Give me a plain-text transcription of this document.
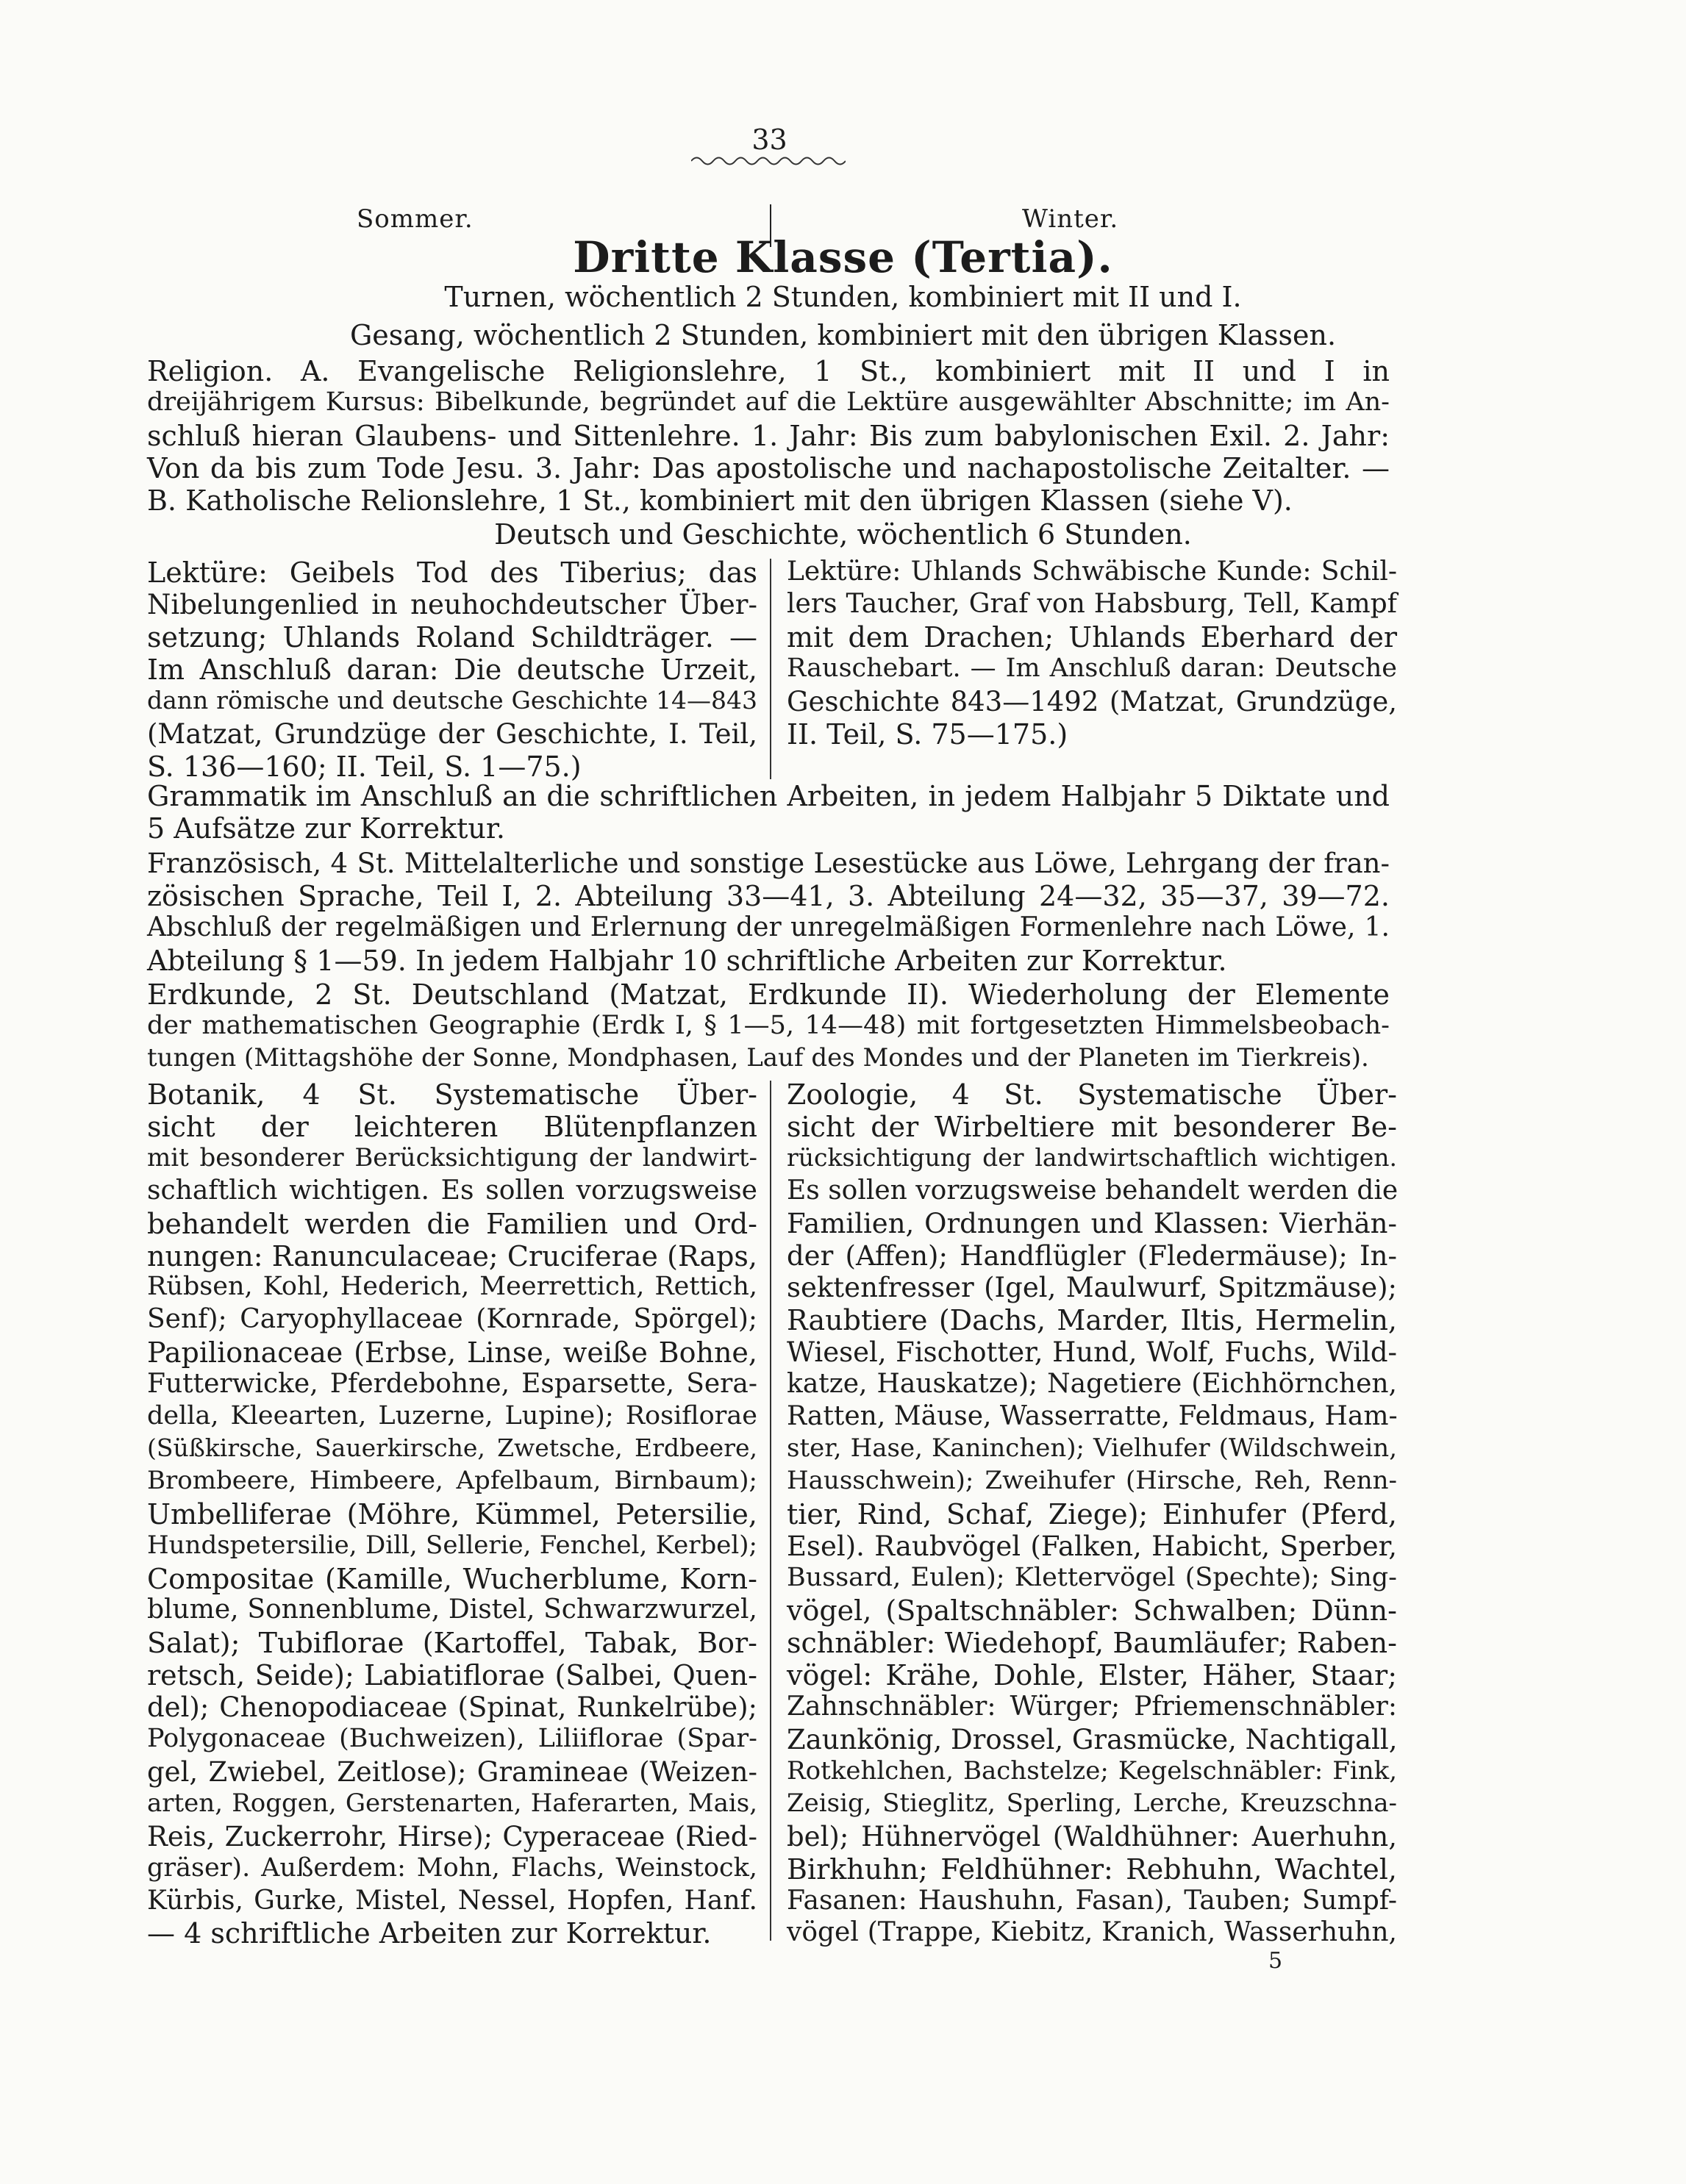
33
Sommer.	Winter.
Dritte Klasse (Tertia).
Turnen, wöchentlich 2 Stunden, kombiniert mit II und I.
Gesang, wöchentlich 2 Stunden, kombiniert mit den übrigen Klassen.
Religion. A. Evangelische Religionslehre, 1 St., kombiniert mit II und I in
dreijährigem Kursus: Bibelkunde, begründet auf die Lektüre ausgewählter Abschnitte; im An-
schluß hieran Glaubens- und Sittenlehre. 1. Jahr: Bis zum babylonischen Exil. 2. Jahr:
Von da bis zum Tode Jesu. 3. Jahr: Das apostolische und nachapostolische Zeitalter. —
B. Katholische Relionslehre, 1 St., kombiniert mit den übrigen Klassen (siehe V).
Deutsch und Geschichte, wöchentlich 6 Stunden.
Lektüre: Geibels Tod des Tiberius; das
Nibelungenlied in neuhochdeutscher Über-
setzung; Uhlands Roland Schildträger. —
Im Anschluß daran: Die deutsche Urzeit,
dann römische und deutsche Geschichte 14—843
(Matzat, Grundzüge der Geschichte, I. Teil,
S. 136—160; II. Teil, S. 1—75.)
Lektüre: Uhlands Schwäbische Kunde: Schil-
lers Taucher, Graf von Habsburg, Tell, Kampf
mit dem Drachen; Uhlands Eberhard der
Rauschebart. — Im Anschluß daran: Deutsche
Geschichte 843—1492 (Matzat, Grundzüge,
II. Teil, S. 75—175.)
Grammatik im Anschluß an die schriftlichen Arbeiten, in jedem Halbjahr 5 Diktate und
5 Aufsätze zur Korrektur.
Französisch, 4 St. Mittelalterliche und sonstige Lesestücke aus Löwe, Lehrgang der fran-
zösischen Sprache, Teil I, 2. Abteilung 33—41, 3. Abteilung 24—32, 35—37, 39—72.
Abschluß der regelmäßigen und Erlernung der unregelmäßigen Formenlehre nach Löwe, 1.
Abteilung § 1—59. In jedem Halbjahr 10 schriftliche Arbeiten zur Korrektur.
Erdkunde, 2 St. Deutschland (Matzat, Erdkunde II). Wiederholung der Elemente
der mathematischen Geographie (Erdk I, § 1—5, 14—48) mit fortgesetzten Himmelsbeobach-
tungen (Mittagshöhe der Sonne, Mondphasen, Lauf des Mondes und der Planeten im Tierkreis).
Botanik, 4 St. Systematische Über-
sicht der leichteren Blütenpflanzen
mit besonderer Berücksichtigung der landwirt-
schaftlich wichtigen. Es sollen vorzugsweise
behandelt werden die Familien und Ord-
nungen: Ranunculaceae; Cruciferae (Raps,
Rübsen, Kohl, Hederich, Meerrettich, Rettich,
Senf); Caryophyllaceae (Kornrade, Spörgel);
Papilionaceae (Erbse, Linse, weiße Bohne,
Futterwicke, Pferdebohne, Esparsette, Sera-
della, Kleearten, Luzerne, Lupine); Rosiflorae
(Süßkirsche, Sauerkirsche, Zwetsche, Erdbeere,
Brombeere, Himbeere, Apfelbaum, Birnbaum);
Umbelliferae (Möhre, Kümmel, Petersilie,
Hundspetersilie, Dill, Sellerie, Fenchel, Kerbel);
Compositae (Kamille, Wucherblume, Korn-
blume, Sonnenblume, Distel, Schwarzwurzel,
Salat); Tubiflorae (Kartoffel, Tabak, Bor-
retsch, Seide); Labiatiflorae (Salbei, Quen-
del); Chenopodiaceae (Spinat, Runkelrübe);
Polygonaceae (Buchweizen), Liliiflorae (Spar-
gel, Zwiebel, Zeitlose); Gramineae (Weizen-
arten, Roggen, Gerstenarten, Haferarten, Mais,
Reis, Zuckerrohr, Hirse); Cyperaceae (Ried-
gräser). Außerdem: Mohn, Flachs, Weinstock,
Kürbis, Gurke, Mistel, Nessel, Hopfen, Hanf.
— 4 schriftliche Arbeiten zur Korrektur.
Zoologie, 4 St. Systematische Über-
sicht der Wirbeltiere mit besonderer Be-
rücksichtigung der landwirtschaftlich wichtigen.
Es sollen vorzugsweise behandelt werden die
Familien, Ordnungen und Klassen: Vierhän-
der (Affen); Handflügler (Fledermäuse); In-
sektenfresser (Igel, Maulwurf, Spitzmäuse);
Raubtiere (Dachs, Marder, Iltis, Hermelin,
Wiesel, Fischotter, Hund, Wolf, Fuchs, Wild-
katze, Hauskatze); Nagetiere (Eichhörnchen,
Ratten, Mäuse, Wasserratte, Feldmaus, Ham-
ster, Hase, Kaninchen); Vielhufer (Wildschwein,
Hausschwein); Zweihufer (Hirsche, Reh, Renn-
tier, Rind, Schaf, Ziege); Einhufer (Pferd,
Esel). Raubvögel (Falken, Habicht, Sperber,
Bussard, Eulen); Klettervögel (Spechte); Sing-
vögel, (Spaltschnäbler: Schwalben; Dünn-
schnäbler: Wiedehopf, Baumläufer; Raben-
vögel: Krähe, Dohle, Elster, Häher, Staar;
Zahnschnäbler: Würger; Pfriemenschnäbler:
Zaunkönig, Drossel, Grasmücke, Nachtigall,
Rotkehlchen, Bachstelze; Kegelschnäbler: Fink,
Zeisig, Stieglitz, Sperling, Lerche, Kreuzschna-
bel); Hühnervögel (Waldhühner: Auerhuhn,
Birkhuhn; Feldhühner: Rebhuhn, Wachtel,
Fasanen: Haushuhn, Fasan), Tauben; Sumpf-
vögel (Trappe, Kiebitz, Kranich, Wasserhuhn,
5
